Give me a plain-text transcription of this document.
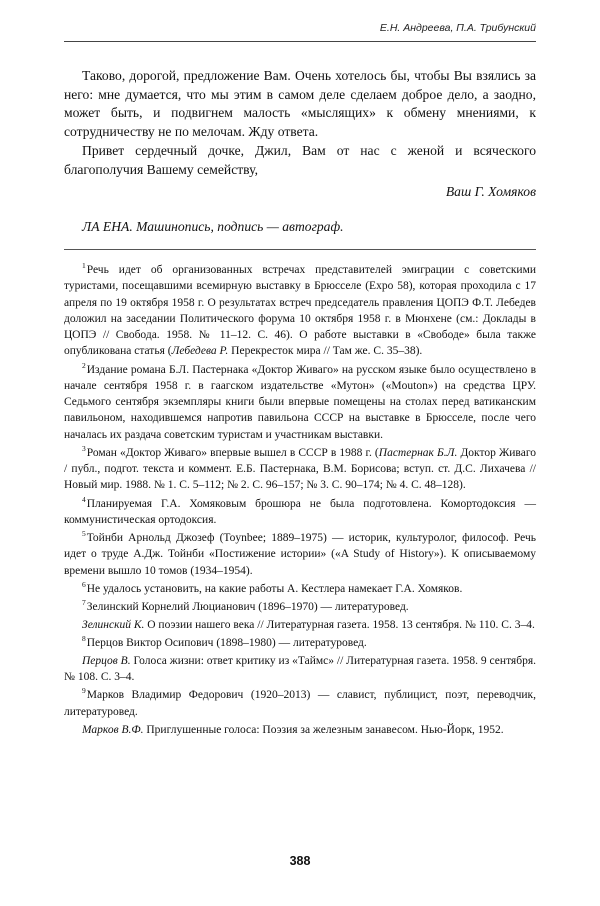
Е.Н. Андреева, П.А. Трибунский

Таково, дорогой, предложение Вам. Очень хотелось бы, чтобы Вы взялись за него: мне думается, что мы этим в самом деле сделаем доброе дело, а заодно, может быть, и подвигнем малость «мыслящих» к обмену мнениями, к сотрудничеству не по мелочам. Жду ответа.

Привет сердечный дочке, Джил, Вам от нас с женой и всяческого благополучия Вашему семейству,

Ваш Г. Хомяков
ЛА ЕНА. Машинопись, подпись — автограф.

$^1$Речь идет об организованных встречах представителей эмиграции с советскими туристами, посещавшими всемирную выставку в Брюсселе (Expo 58), которая проходила с 17 апреля по 19 октября 1958 г. О результатах встреч председатель правления ЦОПЭ Ф.Т. Лебедев доложил на заседании Политического форума 10 октября 1958 г. в Мюнхене (см.: Доклады в ЦОПЭ // Свобода. 1958. № 11–12. С. 46). О работе выставки в «Свободе» была также опубликована статья (Лебедева Р. Перекресток мира // Там же. С. 35–38).

$^2$Издание романа Б.Л. Пастернака «Доктор Живаго» на русском языке было осуществлено в начале сентября 1958 г. в гаагском издательстве «Мутон» («Mouton») на средства ЦРУ. Седьмого сентября экземпляры книги были впервые помещены на столах перед ватиканским павильоном, находившемся напротив павильона СССР на выставке в Брюсселе, после чего началась их раздача советским туристам и участникам выставки.

$^3$Роман «Доктор Живаго» впервые вышел в СССР в 1988 г. (Пастернак Б.Л. Доктор Живаго / публ., подгот. текста и коммент. Е.Б. Пастернака, В.М. Борисова; вступ. ст. Д.С. Лихачева // Новый мир. 1988. № 1. С. 5–112; № 2. С. 96–157; № 3. С. 90–174; № 4. С. 48–128).

$^4$Планируемая Г.А. Хомяковым брошюра не была подготовлена. Комортодоксия — коммунистическая ортодоксия.

$^5$Тойнби Арнольд Джозеф (Toynbee; 1889–1975) — историк, культуролог, философ. Речь идет о труде А.Дж. Тойнби «Постижение истории» («A Study of History»). К описываемому времени вышло 10 томов (1934–1954).

$^6$Не удалось установить, на какие работы А. Кестлера намекает Г.А. Хомяков.

$^7$Зелинский Корнелий Люцианович (1896–1970) — литературовед.

Зелинский К. О поэзии нашего века // Литературная газета. 1958. 13 сентября. № 110. С. 3–4.

$^8$Перцов Виктор Осипович (1898–1980) — литературовед.

Перцов В. Голоса жизни: ответ критику из «Таймс» // Литературная газета. 1958. 9 сентября. № 108. С. 3–4.

$^9$Марков Владимир Федорович (1920–2013) — славист, публицист, поэт, переводчик, литературовед.

Марков В.Ф. Приглушенные голоса: Поэзия за железным занавесом. Нью-Йорк, 1952.

388
